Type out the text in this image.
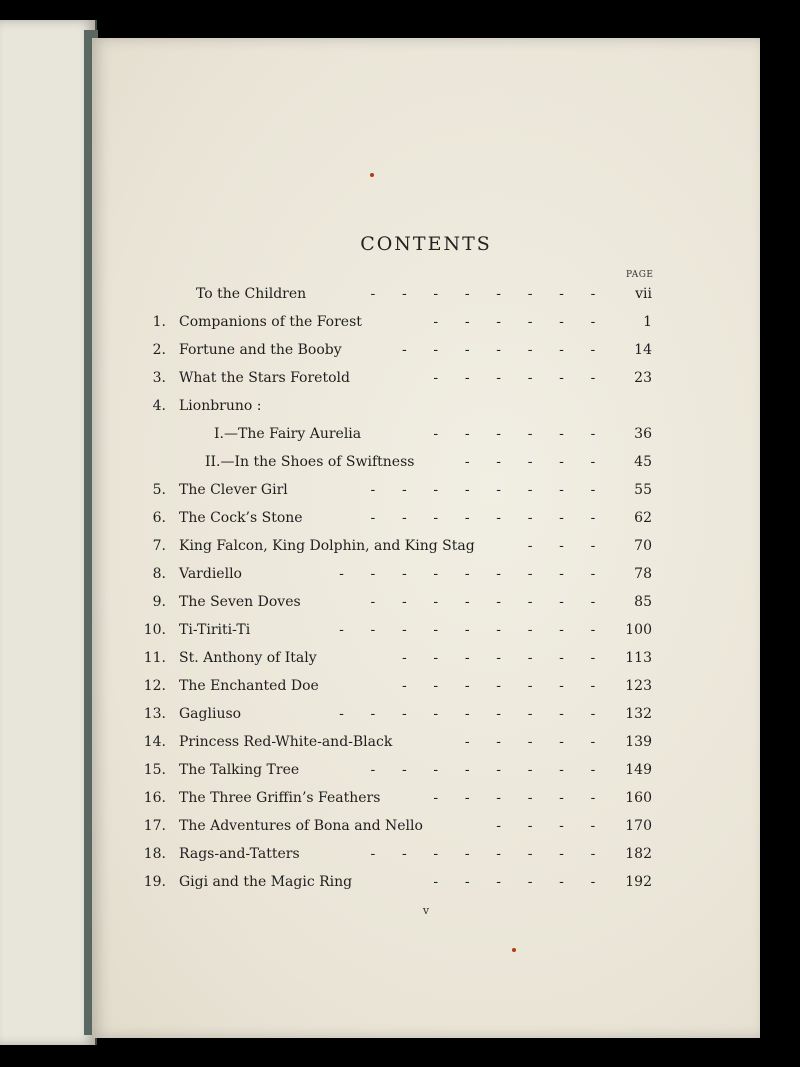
CONTENTS
PAGE
To the Children	vii
-      -      -      -      -      -      -      -
1. Companions of the Forest	1
-      -      -      -      -      -
2. Fortune and the Booby	14
-      -      -      -      -      -      -
3. What the Stars Foretold	23
-      -      -      -      -      -
4. Lionbruno :
I.—The Fairy Aurelia	36
-      -      -      -      -      -
II.—In the Shoes of Swiftness	45
-      -      -      -      -
5. The Clever Girl	55
-      -      -      -      -      -      -      -
6. The Cock’s Stone	62
-      -      -      -      -      -      -      -
7. King Falcon, King Dolphin, and King Stag	70
-      -      -
8. Vardiello	78
-      -      -      -      -      -      -      -      -
9. The Seven Doves	85
-      -      -      -      -      -      -      -
10. Ti-Tiriti-Ti	100
-      -      -      -      -      -      -      -      -
11. St. Anthony of Italy	113
-      -      -      -      -      -      -
12. The Enchanted Doe	123
-      -      -      -      -      -      -
13. Gagliuso	132
-      -      -      -      -      -      -      -      -
14. Princess Red-White-and-Black	139
-      -      -      -      -
15. The Talking Tree	149
-      -      -      -      -      -      -      -
16. The Three Griffin’s Feathers	160
-      -      -      -      -      -
17. The Adventures of Bona and Nello	170
-      -      -      -
18. Rags-and-Tatters	182
-      -      -      -      -      -      -      -
19. Gigi and the Magic Ring	192
-      -      -      -      -      -
v
